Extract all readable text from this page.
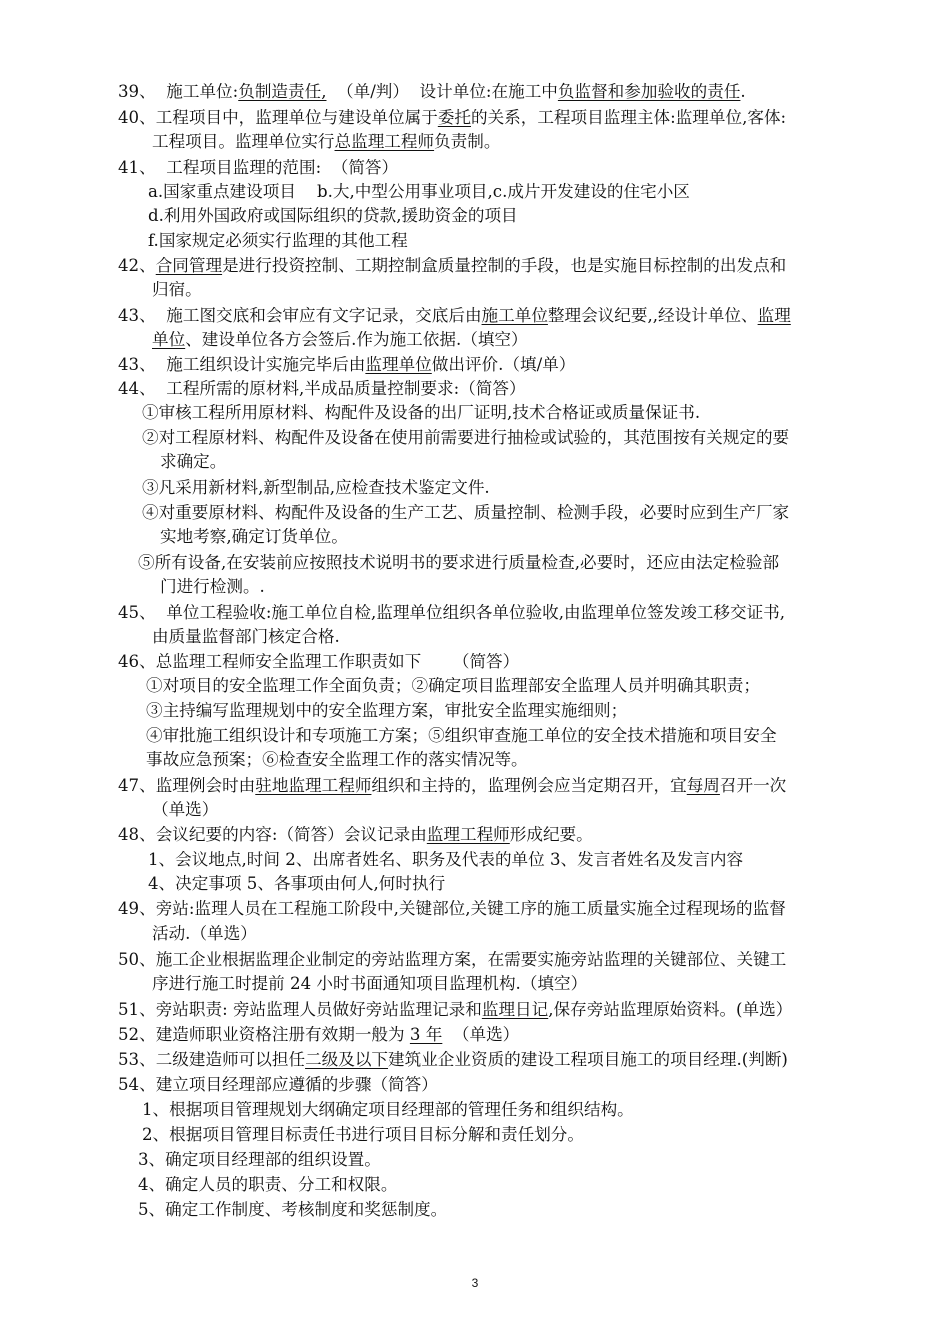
39、  施工单位:负制造责任,  （单/判）  设计单位:在施工中负监督和参加验收的责任.
40、工程项目中，监理单位与建设单位属于委托的关系，工程项目监理主体:监理单位,客体:
工程项目。监理单位实行总监理工程师负责制。
41、  工程项目监理的范围:  （简答）
a.国家重点建设项目    b.大,中型公用事业项目,c.成片开发建设的住宅小区
d.利用外国政府或国际组织的贷款,援助资金的项目
f.国家规定必须实行监理的其他工程
42、合同管理是进行投资控制、工期控制盒质量控制的手段，也是实施目标控制的出发点和
归宿。
43、  施工图交底和会审应有文字记录，交底后由施工单位整理会议纪要,,经设计单位、监理
单位、建设单位各方会签后.作为施工依据.（填空）
43、  施工组织设计实施完毕后由监理单位做出评价.（填/单）
44、  工程所需的原材料,半成品质量控制要求:（简答）
①审核工程所用原材料、构配件及设备的出厂证明,技术合格证或质量保证书.
②对工程原材料、构配件及设备在使用前需要进行抽检或试验的，其范围按有关规定的要
求确定。
③凡采用新材料,新型制品,应检查技术鉴定文件.
④对重要原材料、构配件及设备的生产工艺、质量控制、检测手段，必要时应到生产厂家
实地考察,确定订货单位。
⑤所有设备,在安装前应按照技术说明书的要求进行质量检查,必要时，还应由法定检验部
门进行检测。.
45、  单位工程验收:施工单位自检,监理单位组织各单位验收,由监理单位签发竣工移交证书,
由质量监督部门核定合格.
46、总监理工程师安全监理工作职责如下      （简答）
①对项目的安全监理工作全面负责；②确定项目监理部安全监理人员并明确其职责；
③主持编写监理规划中的安全监理方案，审批安全监理实施细则；
④审批施工组织设计和专项施工方案；⑤组织审查施工单位的安全技术措施和项目安全
事故应急预案；⑥检查安全监理工作的落实情况等。
47、监理例会时由驻地监理工程师组织和主持的，监理例会应当定期召开，宜每周召开一次
（单选）
48、会议纪要的内容:（简答）会议记录由监理工程师形成纪要。
1、会议地点,时间 2、出席者姓名、职务及代表的单位 3、发言者姓名及发言内容
4、决定事项 5、各事项由何人,何时执行
49、旁站:监理人员在工程施工阶段中,关键部位,关键工序的施工质量实施全过程现场的监督
活动.（单选）
50、施工企业根据监理企业制定的旁站监理方案，在需要实施旁站监理的关键部位、关键工
序进行施工时提前 24 小时书面通知项目监理机构.（填空）
51、旁站职责: 旁站监理人员做好旁站监理记录和监理日记,保存旁站监理原始资料。(单选）
52、建造师职业资格注册有效期一般为 3 年  （单选）
53、二级建造师可以担任二级及以下建筑业企业资质的建设工程项目施工的项目经理.(判断)
54、建立项目经理部应遵循的步骤（简答）
1、根据项目管理规划大纲确定项目经理部的管理任务和组织结构。
2、根据项目管理目标责任书进行项目目标分解和责任划分。
3、确定项目经理部的组织设置。
4、确定人员的职责、分工和权限。
5、确定工作制度、考核制度和奖惩制度。
3
